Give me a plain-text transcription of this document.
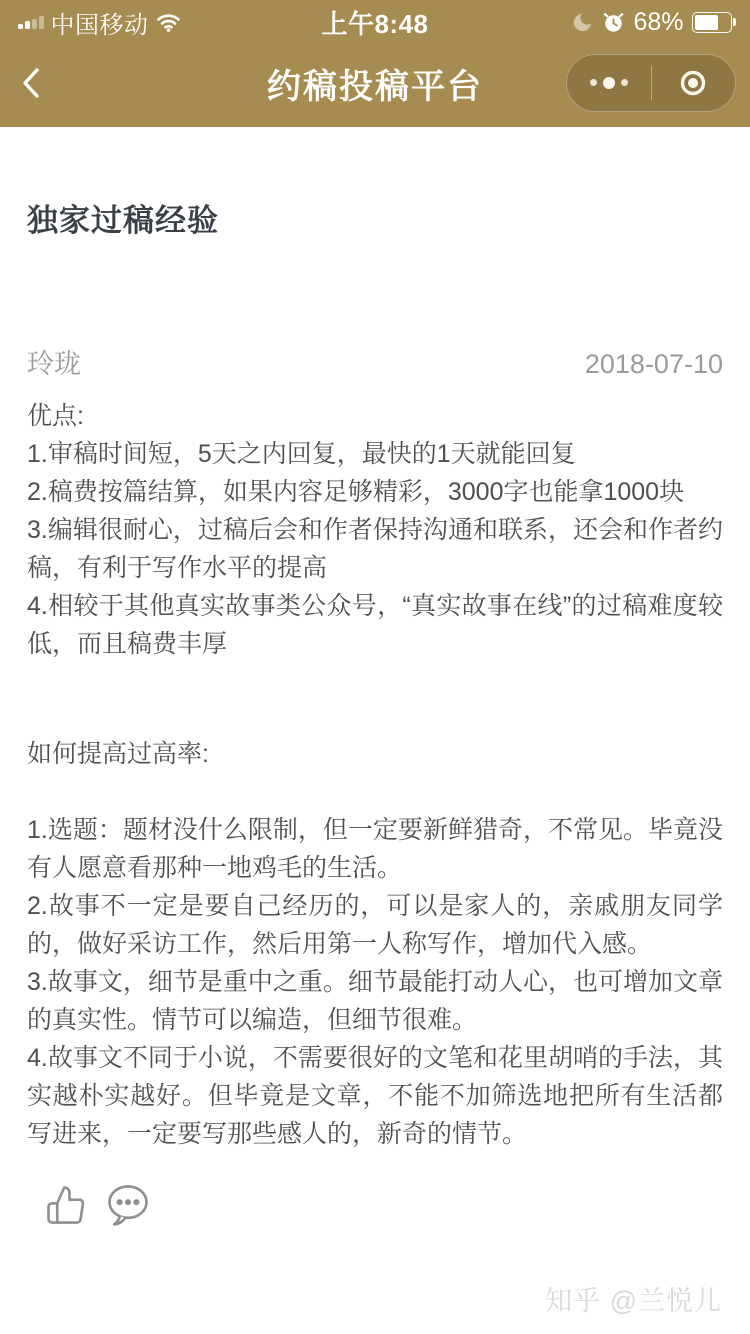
中国移动	上午8:48	68%
约稿投稿平台
独家过稿经验
玲珑	2018-07-10

优点:

1.审稿时间短，5天之内回复，最快的1天就能回复

2.稿费按篇结算，如果内容足够精彩，3000字也能拿1000块

3.编辑很耐心，过稿后会和作者保持沟通和联系，还会和作者约稿，有利于写作水平的提高

4.相较于其他真实故事类公众号，“真实故事在线”的过稿难度较低，而且稿费丰厚

如何提高过高率:

1.选题：题材没什么限制，但一定要新鲜猎奇，不常见。毕竟没有人愿意看那种一地鸡毛的生活。

2.故事不一定是要自己经历的，可以是家人的，亲戚朋友同学的，做好采访工作，然后用第一人称写作，增加代入感。

3.故事文，细节是重中之重。细节最能打动人心，也可增加文章的真实性。情节可以编造，但细节很难。

4.故事文不同于小说，不需要很好的文笔和花里胡哨的手法，其实越朴实越好。但毕竟是文章，不能不加筛选地把所有生活都写进来，一定要写那些感人的，新奇的情节。

知乎 @兰悦儿
